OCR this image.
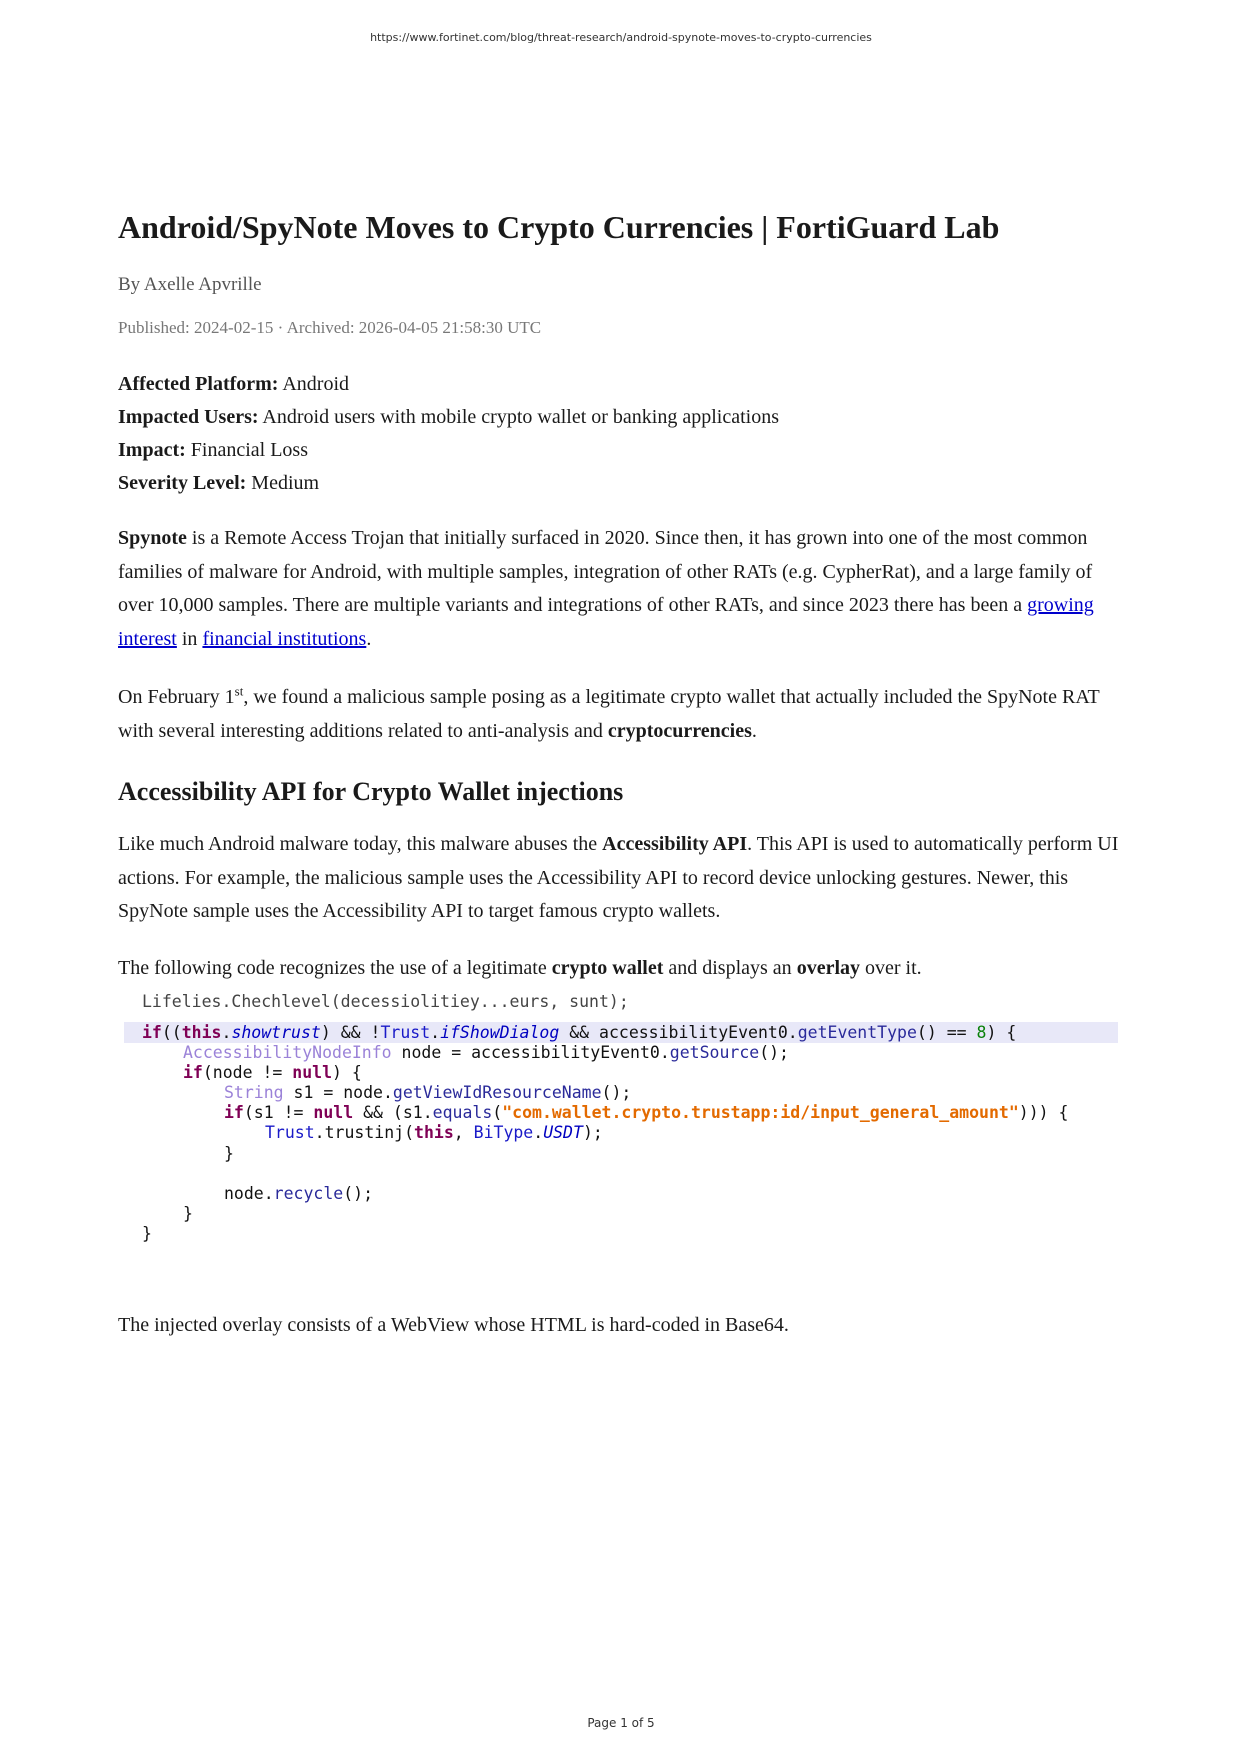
https://www.fortinet.com/blog/threat-research/android-spynote-moves-to-crypto-currencies
Android/SpyNote Moves to Crypto Currencies | FortiGuard Lab
By Axelle Apvrille
Published: 2024-02-15 · Archived: 2026-04-05 21:58:30 UTC
Affected Platform: Android
Impacted Users: Android users with mobile crypto wallet or banking applications
Impact: Financial Loss
Severity Level: Medium

Spynote is a Remote Access Trojan that initially surfaced in 2020. Since then, it has grown into one of the most common families of malware for Android, with multiple samples, integration of other RATs (e.g. CypherRat), and a large family of over 10,000 samples. There are multiple variants and integrations of other RATs, and since 2023 there has been a growing interest in financial institutions.

On February 1st, we found a malicious sample posing as a legitimate crypto wallet that actually included the SpyNote RAT with several interesting additions related to anti-analysis and cryptocurrencies.

Accessibility API for Crypto Wallet injections

Like much Android malware today, this malware abuses the Accessibility API. This API is used to automatically perform UI actions. For example, the malicious sample uses the Accessibility API to record device unlocking gestures. Newer, this SpyNote sample uses the Accessibility API to target famous crypto wallets.

The following code recognizes the use of a legitimate crypto wallet and displays an overlay over it.

Lifelies.Chechlevel(decessiolitiey...eurs, sunt);
if((this.showtrust) && !Trust.ifShowDialog && accessibilityEvent0.getEventType() == 8) {
AccessibilityNodeInfo node = accessibilityEvent0.getSource();
if(node != null) {
String s1 = node.getViewIdResourceName();
if(s1 != null && (s1.equals("com.wallet.crypto.trustapp:id/input_general_amount"))) {
Trust.trustinj(this, BiType.USDT);
}
node.recycle();
}
}

The injected overlay consists of a WebView whose HTML is hard-coded in Base64.

Page 1 of 5
